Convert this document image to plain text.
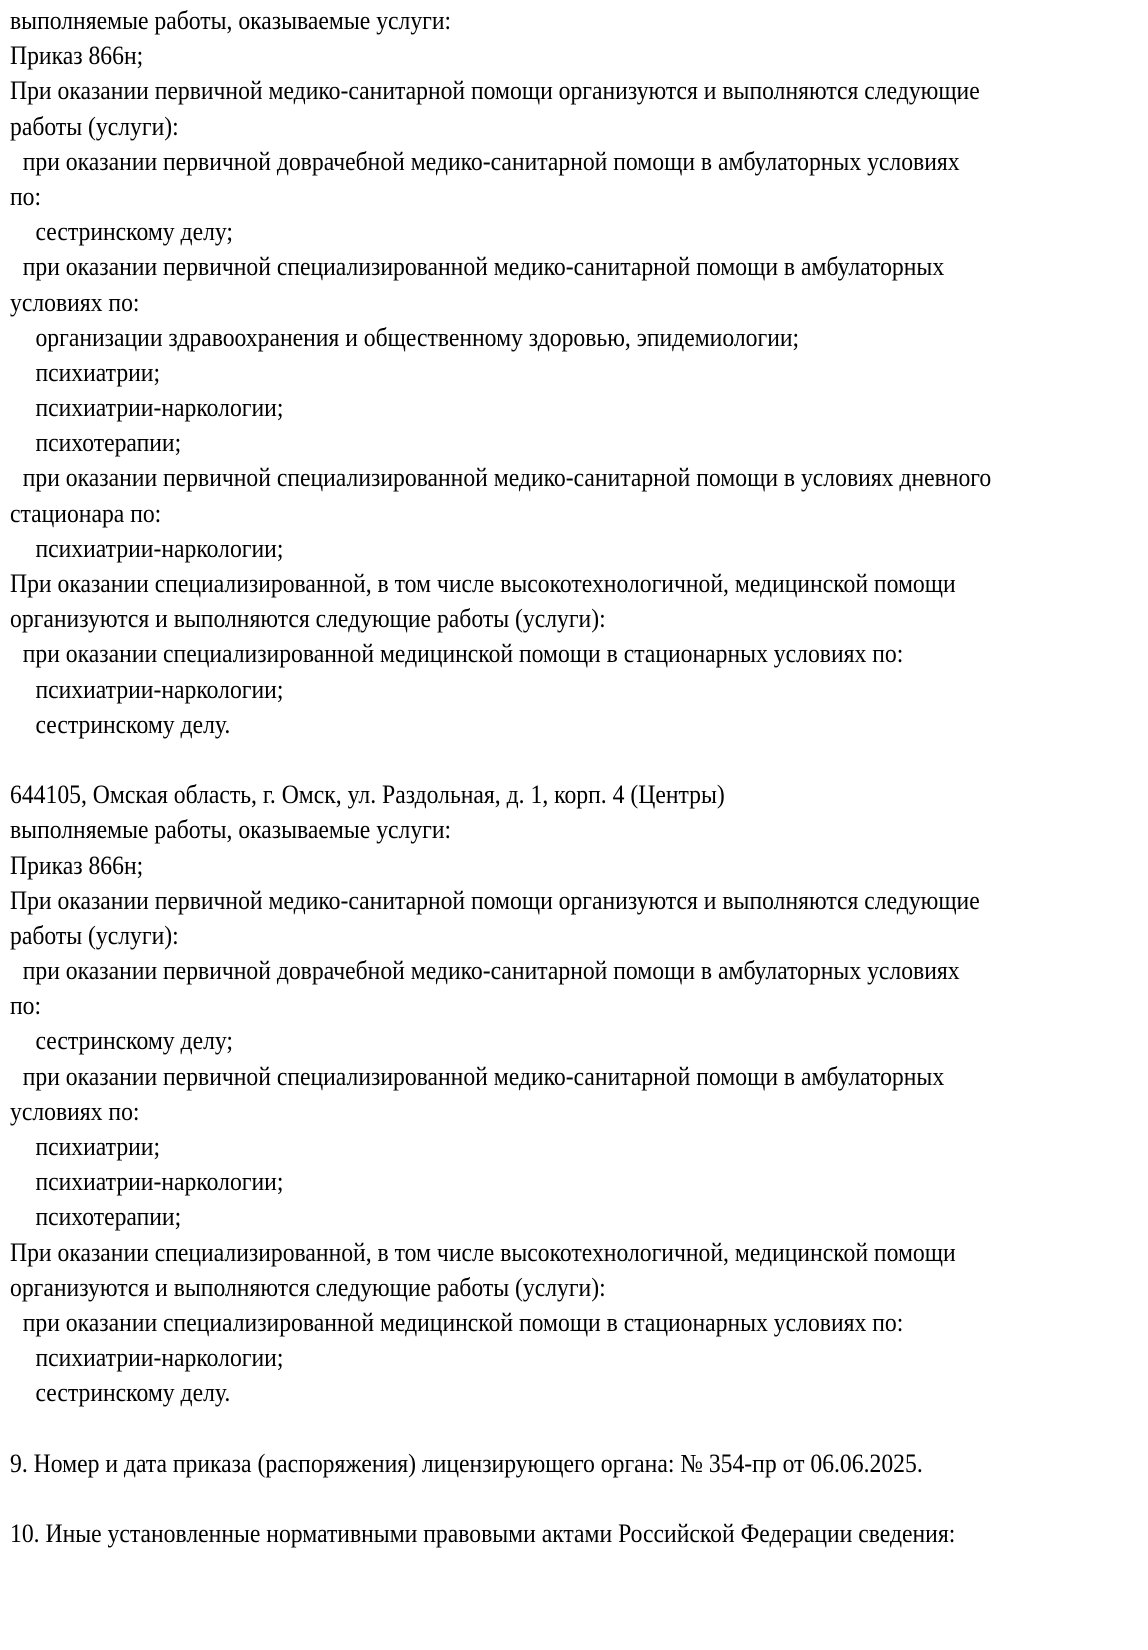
выполняемые работы, оказываемые услуги:
Приказ 866н;
При оказании первичной медико-санитарной помощи организуются и выполняются следующие
работы (услуги):
при оказании первичной доврачебной медико-санитарной помощи в амбулаторных условиях
по:
сестринскому делу;
при оказании первичной специализированной медико-санитарной помощи в амбулаторных
условиях по:
организации здравоохранения и общественному здоровью, эпидемиологии;
психиатрии;
психиатрии-наркологии;
психотерапии;
при оказании первичной специализированной медико-санитарной помощи в условиях дневного
стационара по:
психиатрии-наркологии;
При оказании специализированной, в том числе высокотехнологичной, медицинской помощи
организуются и выполняются следующие работы (услуги):
при оказании специализированной медицинской помощи в стационарных условиях по:
психиатрии-наркологии;
сестринскому делу.
644105, Омская область, г. Омск, ул. Раздольная, д. 1, корп. 4 (Центры)
выполняемые работы, оказываемые услуги:
Приказ 866н;
При оказании первичной медико-санитарной помощи организуются и выполняются следующие
работы (услуги):
при оказании первичной доврачебной медико-санитарной помощи в амбулаторных условиях
по:
сестринскому делу;
при оказании первичной специализированной медико-санитарной помощи в амбулаторных
условиях по:
психиатрии;
психиатрии-наркологии;
психотерапии;
При оказании специализированной, в том числе высокотехнологичной, медицинской помощи
организуются и выполняются следующие работы (услуги):
при оказании специализированной медицинской помощи в стационарных условиях по:
психиатрии-наркологии;
сестринскому делу.
9. Номер и дата приказа (распоряжения) лицензирующего органа: № 354-пр от 06.06.2025.
10. Иные установленные нормативными правовыми актами Российской Федерации сведения:
